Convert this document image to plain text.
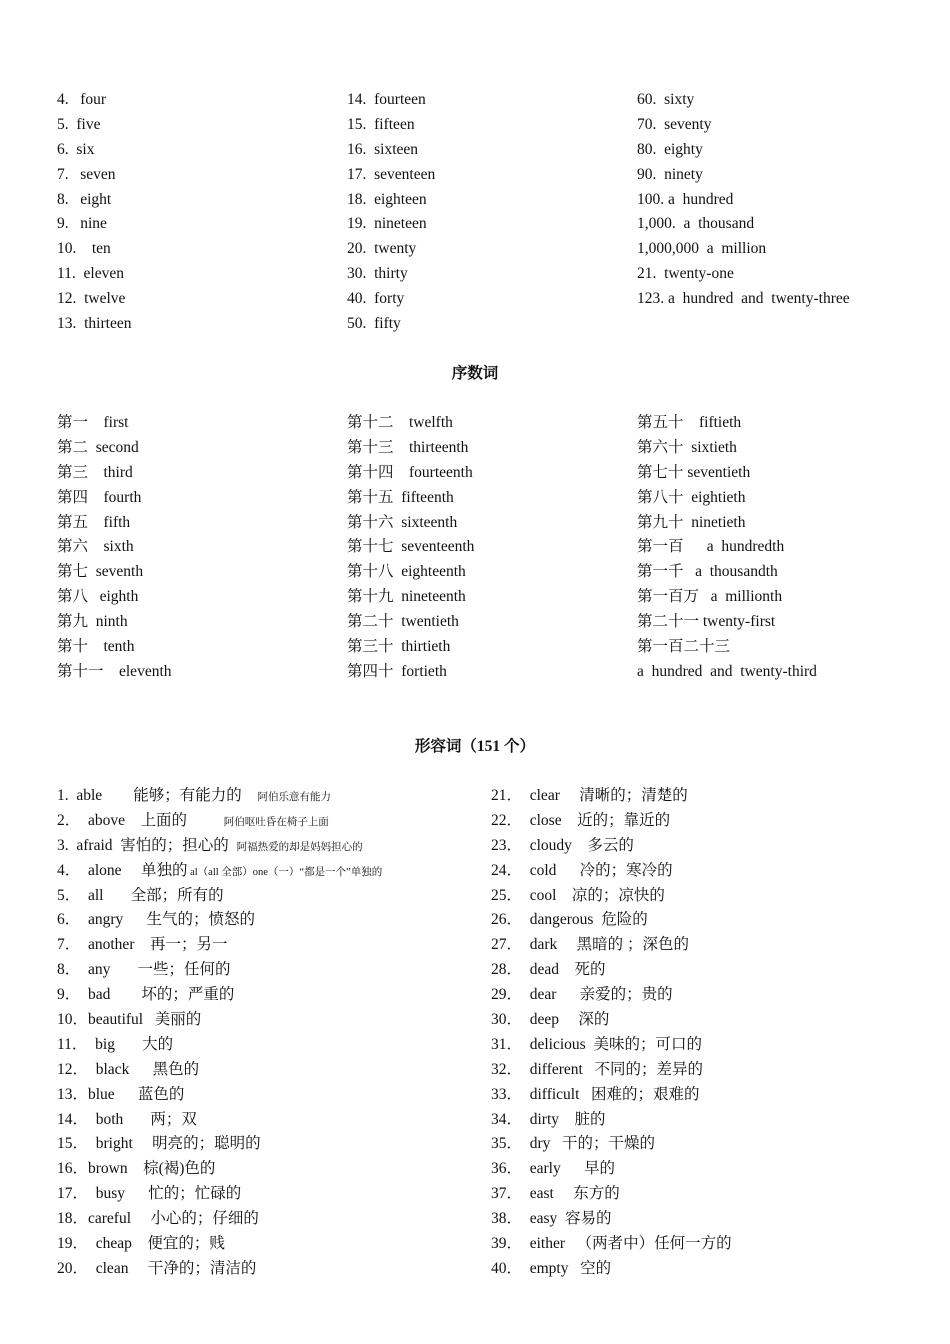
4.   four
5.  five
6.  six
7.   seven
8.   eight
9.   nine
10.    ten
11.  eleven
12.  twelve
13.  thirteen
14.  fourteen
15.  fifteen
16.  sixteen
17.  seventeen
18.  eighteen
19.  nineteen
20.  twenty
30.  thirty
40.  forty
50.  fifty
60.  sixty
70.  seventy
80.  eighty
90.  ninety
100. a  hundred
1,000.  a  thousand
1,000,000  a  million
21.  twenty-one
123. a  hundred  and  twenty-three
序数词
第一    first
第二  second
第三    third
第四    fourth
第五    fifth
第六    sixth
第七  seventh
第八   eighth
第九  ninth
第十    tenth
第十一    eleventh
第十二    twelfth
第十三    thirteenth
第十四    fourteenth
第十五  fifteenth
第十六  sixteenth
第十七  seventeenth
第十八  eighteenth
第十九  nineteenth
第二十  twentieth
第三十  thirtieth
第四十  fortieth
第五十    fiftieth
第六十  sixtieth
第七十 seventieth
第八十  eightieth
第九十  ninetieth
第一百      a  hundredth
第一千   a  thousandth
第一百万   a  millionth
第二十一 twenty-first
第一百二十三
a  hundred  and  twenty-third
形容词（151 个）
1.  able        能够；有能力的      阿伯乐意有能力
2．  above    上面的              阿伯呕吐昏在椅子上面
3.  afraid  害怕的；担心的   阿福热爱的却是妈妈担心的
4．  alone     单独的 al（all 全部）one（一）“都是一个”单独的
5．  all       全部；所有的
6．  angry      生气的；愤怒的
7．  another    再一；另一
8．  any       一些；任何的
9．  bad        坏的；严重的
10．beautiful   美丽的
11．  big       大的
12．  black      黑色的
13．blue      蓝色的
14．  both       两；双
15．  bright     明亮的；聪明的
16．brown    棕(褐)色的
17．  busy      忙的；忙碌的
18．careful     小心的；仔细的
19．  cheap    便宜的；贱
20．  clean     干净的；清洁的
21．  clear     清晰的；清楚的
22．  close    近的；靠近的
23．  cloudy    多云的
24．  cold      冷的；寒冷的
25．  cool    凉的；凉快的
26．  dangerous  危险的
27．  dark     黑暗的 ；深色的
28．  dead    死的
29．  dear      亲爱的；贵的
30．  deep     深的
31．  delicious  美味的；可口的
32．  different   不同的；差异的
33．  difficult   困难的；艰难的
34．  dirty    脏的
35．  dry   干的；干燥的
36．  early      早的
37．  east     东方的
38．  easy  容易的
39．  either   （两者中）任何一方的
40．  empty   空的
